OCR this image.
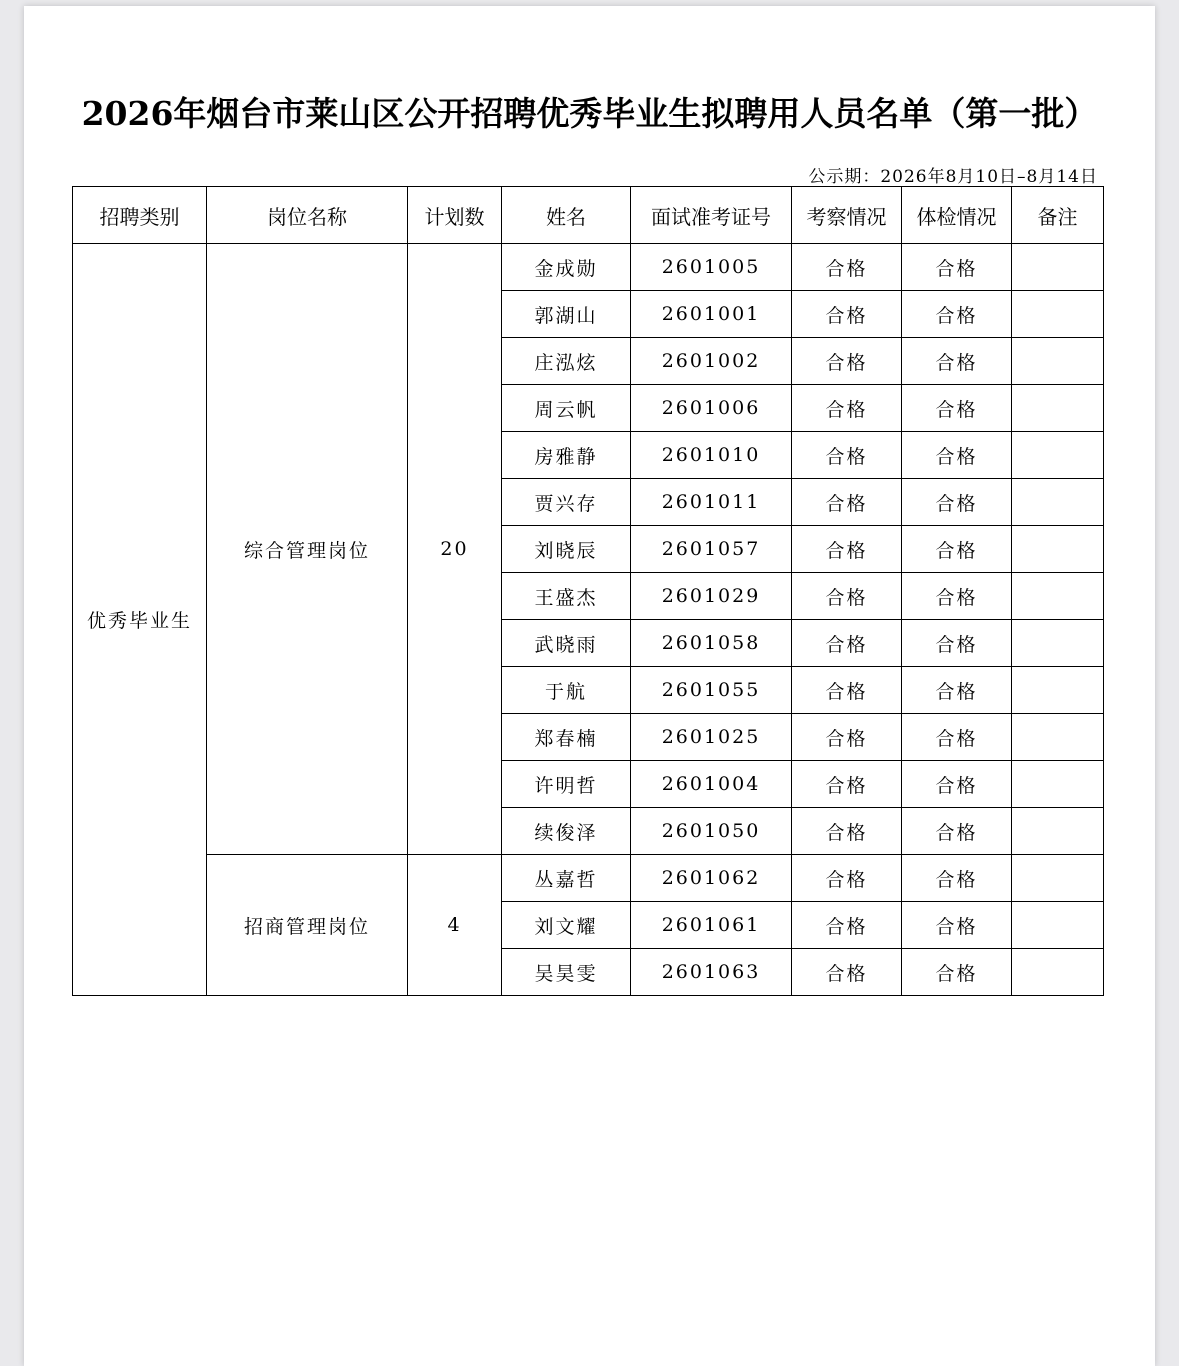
2026年烟台市莱山区公开招聘优秀毕业生拟聘用人员名单（第一批）
公示期：2026年8月10日–8月14日
招聘类别	岗位名称	计划数	姓名	面试准考证号	考察情况	体检情况	备注
优秀毕业生	综合管理岗位	20	金成勋	2601005	合格	合格	
			郭湖山	2601001	合格	合格	
			庄泓炫	2601002	合格	合格	
			周云帆	2601006	合格	合格	
			房雅静	2601010	合格	合格	
			贾兴存	2601011	合格	合格	
			刘晓辰	2601057	合格	合格	
			王盛杰	2601029	合格	合格	
			武晓雨	2601058	合格	合格	
			于航	2601055	合格	合格	
			郑春楠	2601025	合格	合格	
			许明哲	2601004	合格	合格	
			续俊泽	2601050	合格	合格	
	招商管理岗位	4	丛嘉哲	2601062	合格	合格	
			刘文耀	2601061	合格	合格	
			吴昊雯	2601063	合格	合格	
